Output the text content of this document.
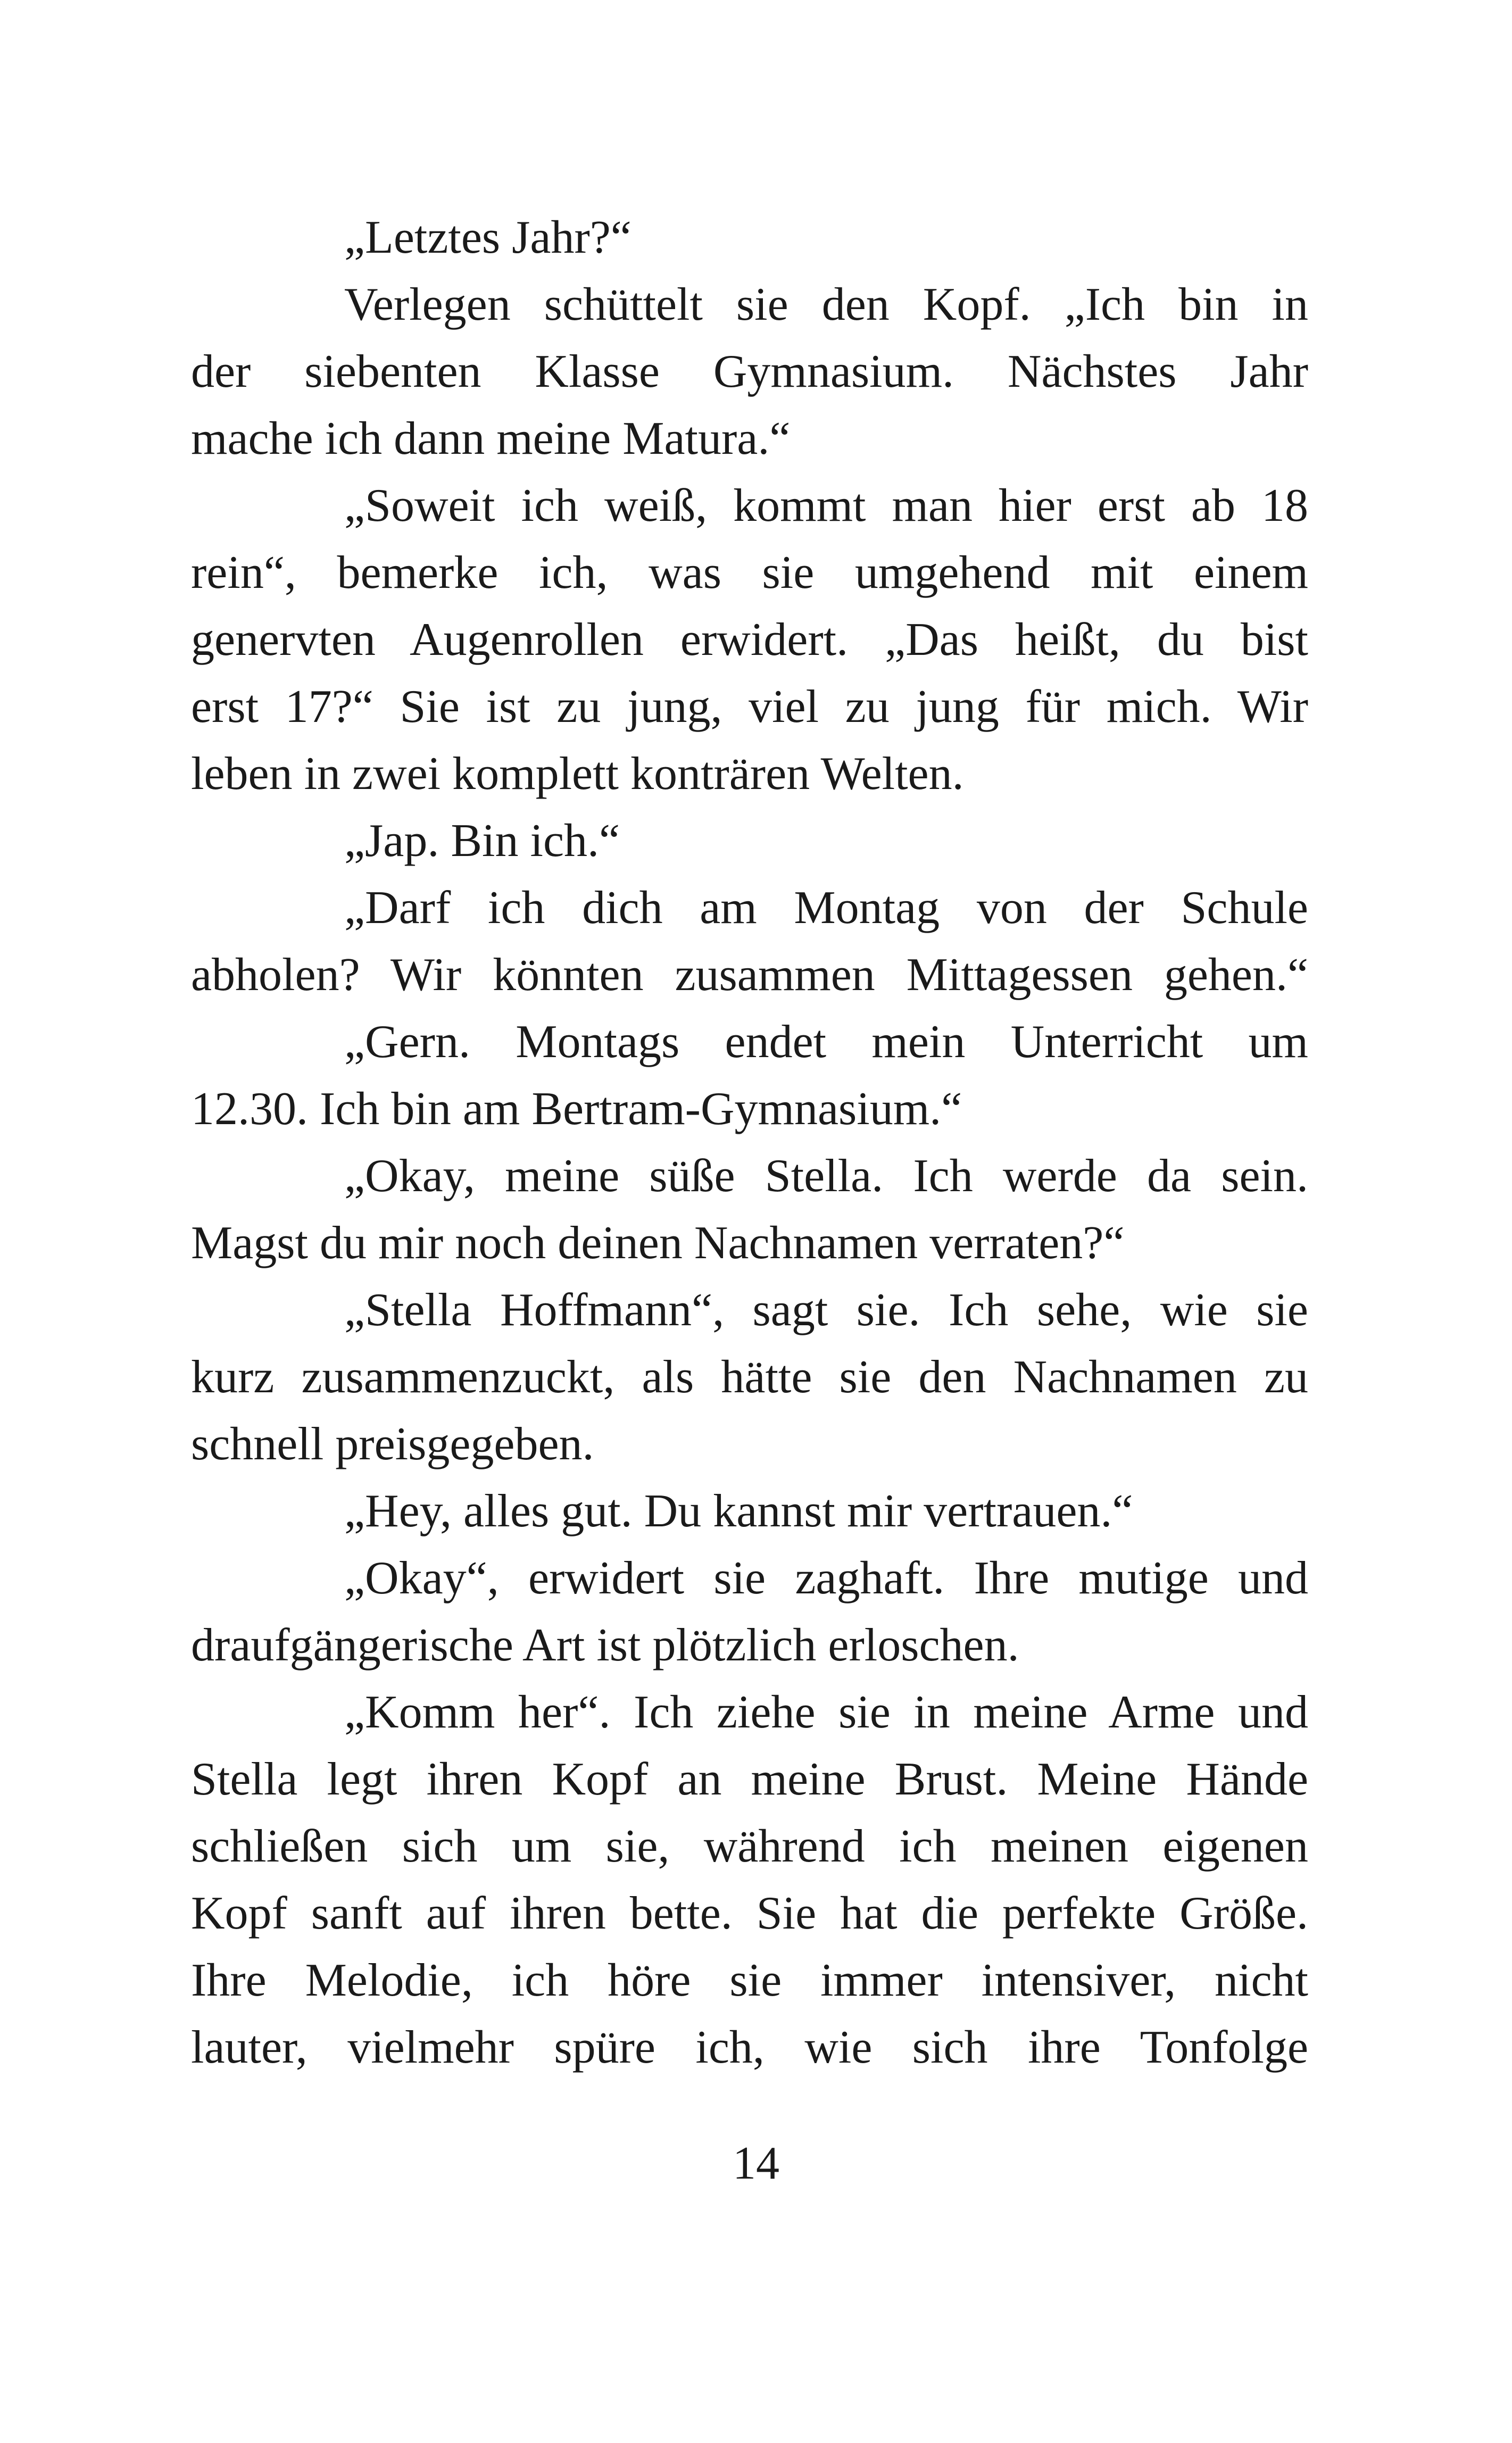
„Letztes Jahr?“
Verlegen schüttelt sie den Kopf. „Ich bin in
der siebenten Klasse Gymnasium. Nächstes Jahr
mache ich dann meine Matura.“
„Soweit ich weiß, kommt man hier erst ab 18
rein“, bemerke ich, was sie umgehend mit einem
genervten Augenrollen erwidert. „Das heißt, du bist
erst 17?“ Sie ist zu jung, viel zu jung für mich. Wir
leben in zwei komplett konträren Welten.
„Jap. Bin ich.“
„Darf ich dich am Montag von der Schule
abholen? Wir könnten zusammen Mittagessen gehen.“
„Gern. Montags endet mein Unterricht um
12.30. Ich bin am Bertram-Gymnasium.“
„Okay, meine süße Stella. Ich werde da sein.
Magst du mir noch deinen Nachnamen verraten?“
„Stella Hoffmann“, sagt sie. Ich sehe, wie sie
kurz zusammenzuckt, als hätte sie den Nachnamen zu
schnell preisgegeben.
„Hey, alles gut. Du kannst mir vertrauen.“
„Okay“, erwidert sie zaghaft. Ihre mutige und
draufgängerische Art ist plötzlich erloschen.
„Komm her“. Ich ziehe sie in meine Arme und
Stella legt ihren Kopf an meine Brust. Meine Hände
schließen sich um sie, während ich meinen eigenen
Kopf sanft auf ihren bette. Sie hat die perfekte Größe.
Ihre Melodie, ich höre sie immer intensiver, nicht
lauter, vielmehr spüre ich, wie sich ihre Tonfolge
14
